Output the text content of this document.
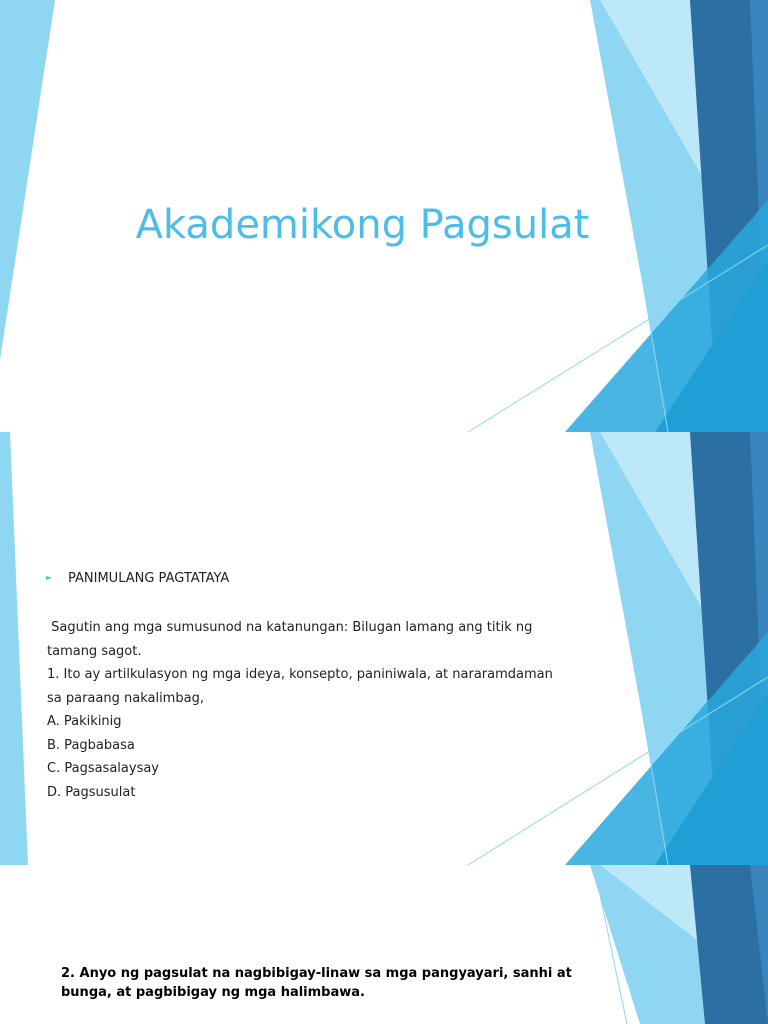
Akademikong Pagsulat
► PANIMULANG PAGTATAYA
Sagutin ang mga sumusunod na katanungan: Bilugan lamang ang titik ng
tamang sagot.
1. Ito ay artilkulasyon ng mga ideya, konsepto, paniniwala, at nararamdaman
sa paraang nakalimbag,
A. Pakikinig
B. Pagbabasa
C. Pagsasalaysay
D. Pagsusulat
2. Anyo ng pagsulat na nagbibigay-linaw sa mga pangyayari, sanhi at
bunga, at pagbibigay ng mga halimbawa.
